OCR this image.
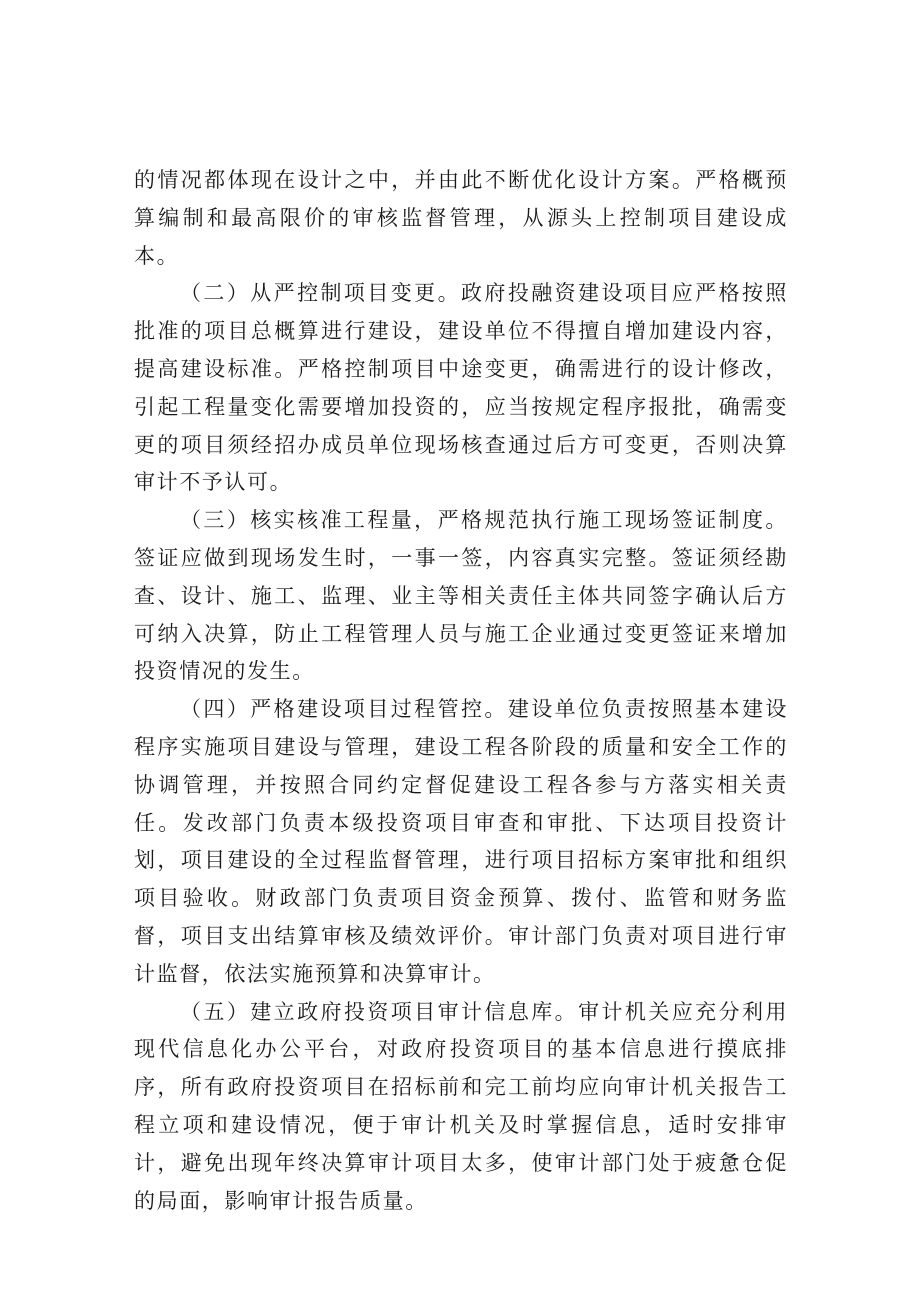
的情况都体现在设计之中，并由此不断优化设计方案。严格概预算编制和最高限价的审核监督管理，从源头上控制项目建设成本。

（二）从严控制项目变更。政府投融资建设项目应严格按照批准的项目总概算进行建设，建设单位不得擅自增加建设内容，提高建设标准。严格控制项目中途变更，确需进行的设计修改，引起工程量变化需要增加投资的，应当按规定程序报批，确需变更的项目须经招办成员单位现场核查通过后方可变更，否则决算审计不予认可。

（三）核实核准工程量，严格规范执行施工现场签证制度。签证应做到现场发生时，一事一签，内容真实完整。签证须经勘查、设计、施工、监理、业主等相关责任主体共同签字确认后方可纳入决算，防止工程管理人员与施工企业通过变更签证来增加投资情况的发生。

（四）严格建设项目过程管控。建设单位负责按照基本建设程序实施项目建设与管理，建设工程各阶段的质量和安全工作的协调管理，并按照合同约定督促建设工程各参与方落实相关责任。发改部门负责本级投资项目审查和审批、下达项目投资计划，项目建设的全过程监督管理，进行项目招标方案审批和组织项目验收。财政部门负责项目资金预算、拨付、监管和财务监督，项目支出结算审核及绩效评价。审计部门负责对项目进行审计监督，依法实施预算和决算审计。

（五）建立政府投资项目审计信息库。审计机关应充分利用现代信息化办公平台，对政府投资项目的基本信息进行摸底排序，所有政府投资项目在招标前和完工前均应向审计机关报告工程立项和建设情况，便于审计机关及时掌握信息，适时安排审计，避免出现年终决算审计项目太多，使审计部门处于疲惫仓促的局面，影响审计报告质量。
